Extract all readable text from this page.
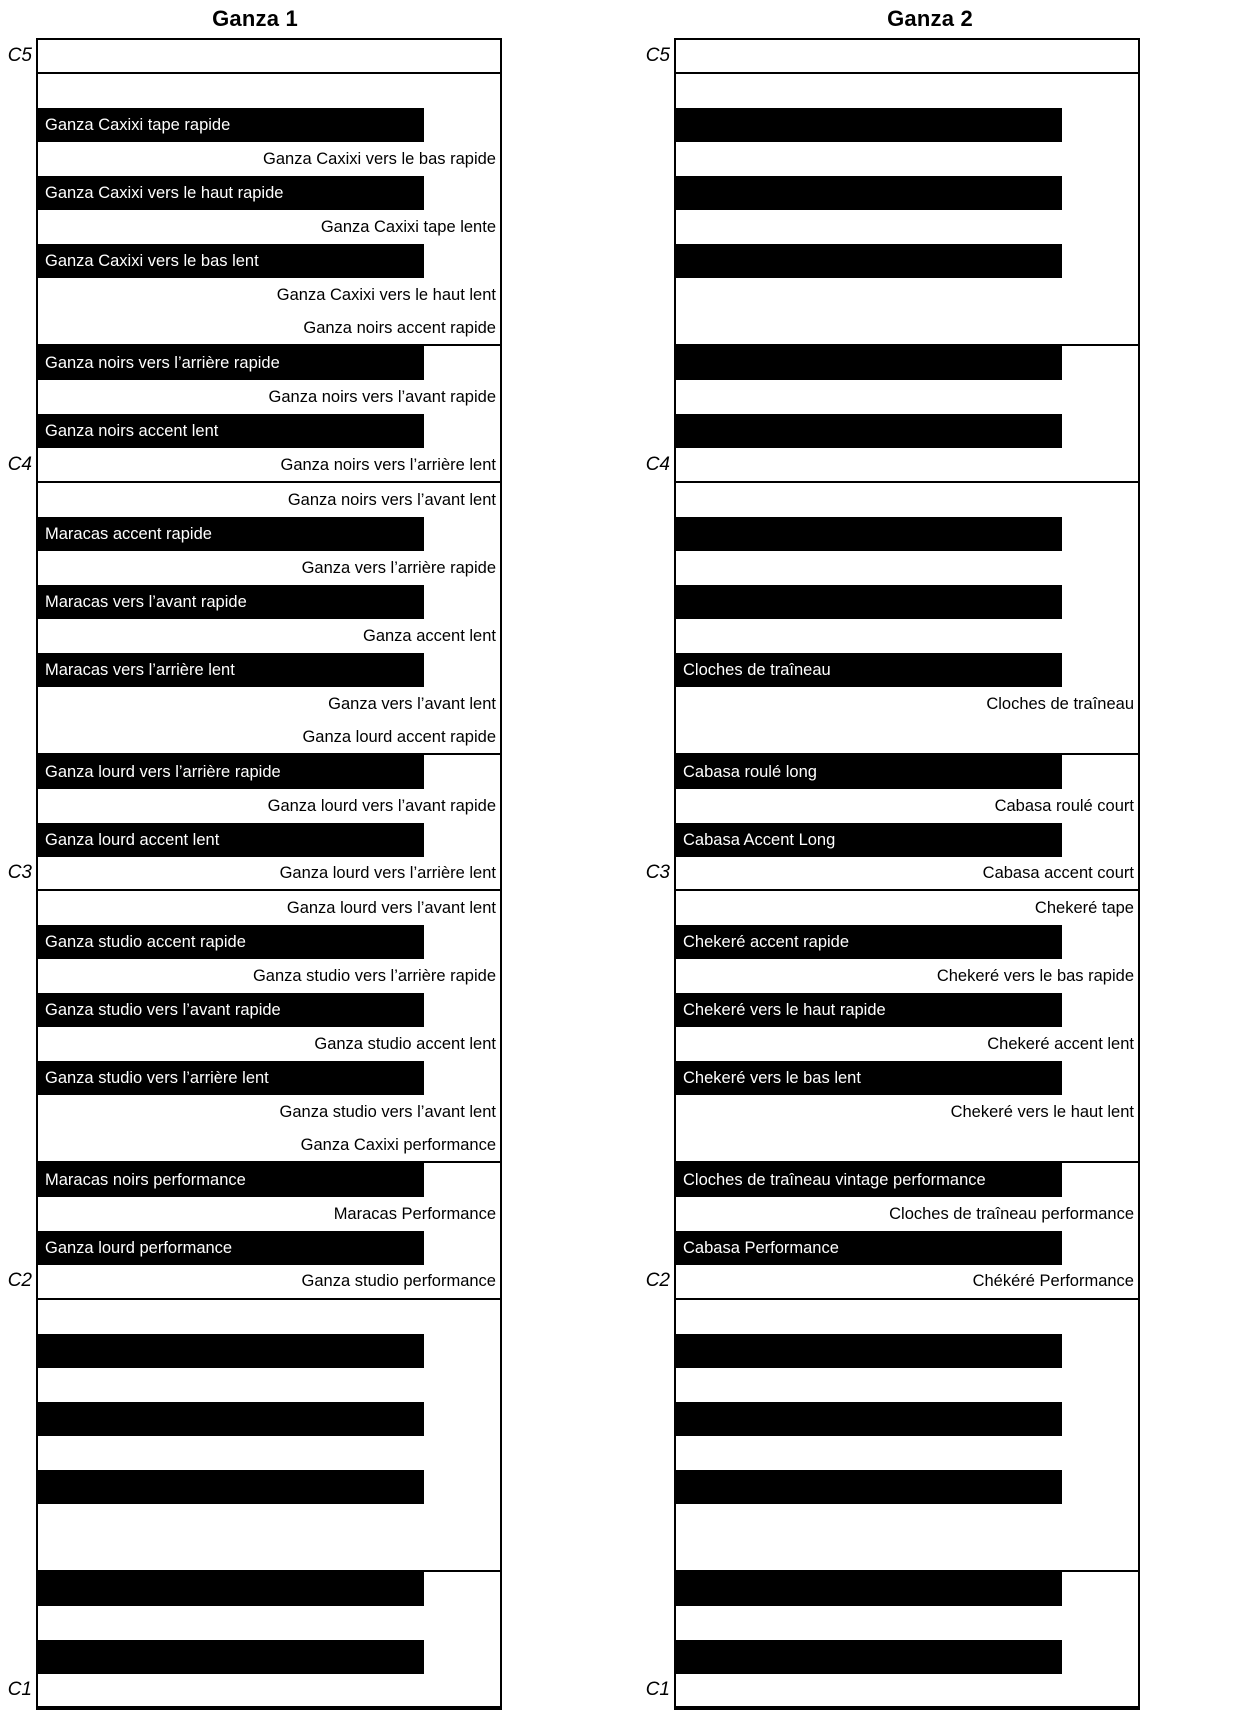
Ganza 1
Ganza Caxixi vers le bas rapide
Ganza Caxixi tape lente
Ganza Caxixi vers le haut lent
Ganza noirs accent rapide
Ganza noirs vers l’avant rapide
Ganza noirs vers l’arrière lent
Ganza noirs vers l’avant lent
Ganza vers l’arrière rapide
Ganza accent lent
Ganza vers l’avant lent
Ganza lourd accent rapide
Ganza lourd vers l’avant rapide
Ganza lourd vers l’arrière lent
Ganza lourd vers l’avant lent
Ganza studio vers l’arrière rapide
Ganza studio accent lent
Ganza studio vers l’avant lent
Ganza Caxixi performance
Maracas Performance
Ganza studio performance
Ganza Caxixi tape rapide
Ganza Caxixi vers le haut rapide
Ganza Caxixi vers le bas lent
Ganza noirs vers l’arrière rapide
Ganza noirs accent lent
Maracas accent rapide
Maracas vers l’avant rapide
Maracas vers l’arrière lent
Ganza lourd vers l’arrière rapide
Ganza lourd accent lent
Ganza studio accent rapide
Ganza studio vers l’avant rapide
Ganza studio vers l’arrière lent
Maracas noirs performance
Ganza lourd performance
C5
C4
C3
C2
C1
Ganza 2
Cloches de traîneau
Cabasa roulé court
Cabasa accent court
Chekeré tape
Chekeré vers le bas rapide
Chekeré accent lent
Chekeré vers le haut lent
Cloches de traîneau performance
Chékéré Performance
Cloches de traîneau
Cabasa roulé long
Cabasa Accent Long
Chekeré accent rapide
Chekeré vers le haut rapide
Chekeré vers le bas lent
Cloches de traîneau vintage performance
Cabasa Performance
C5
C4
C3
C2
C1
